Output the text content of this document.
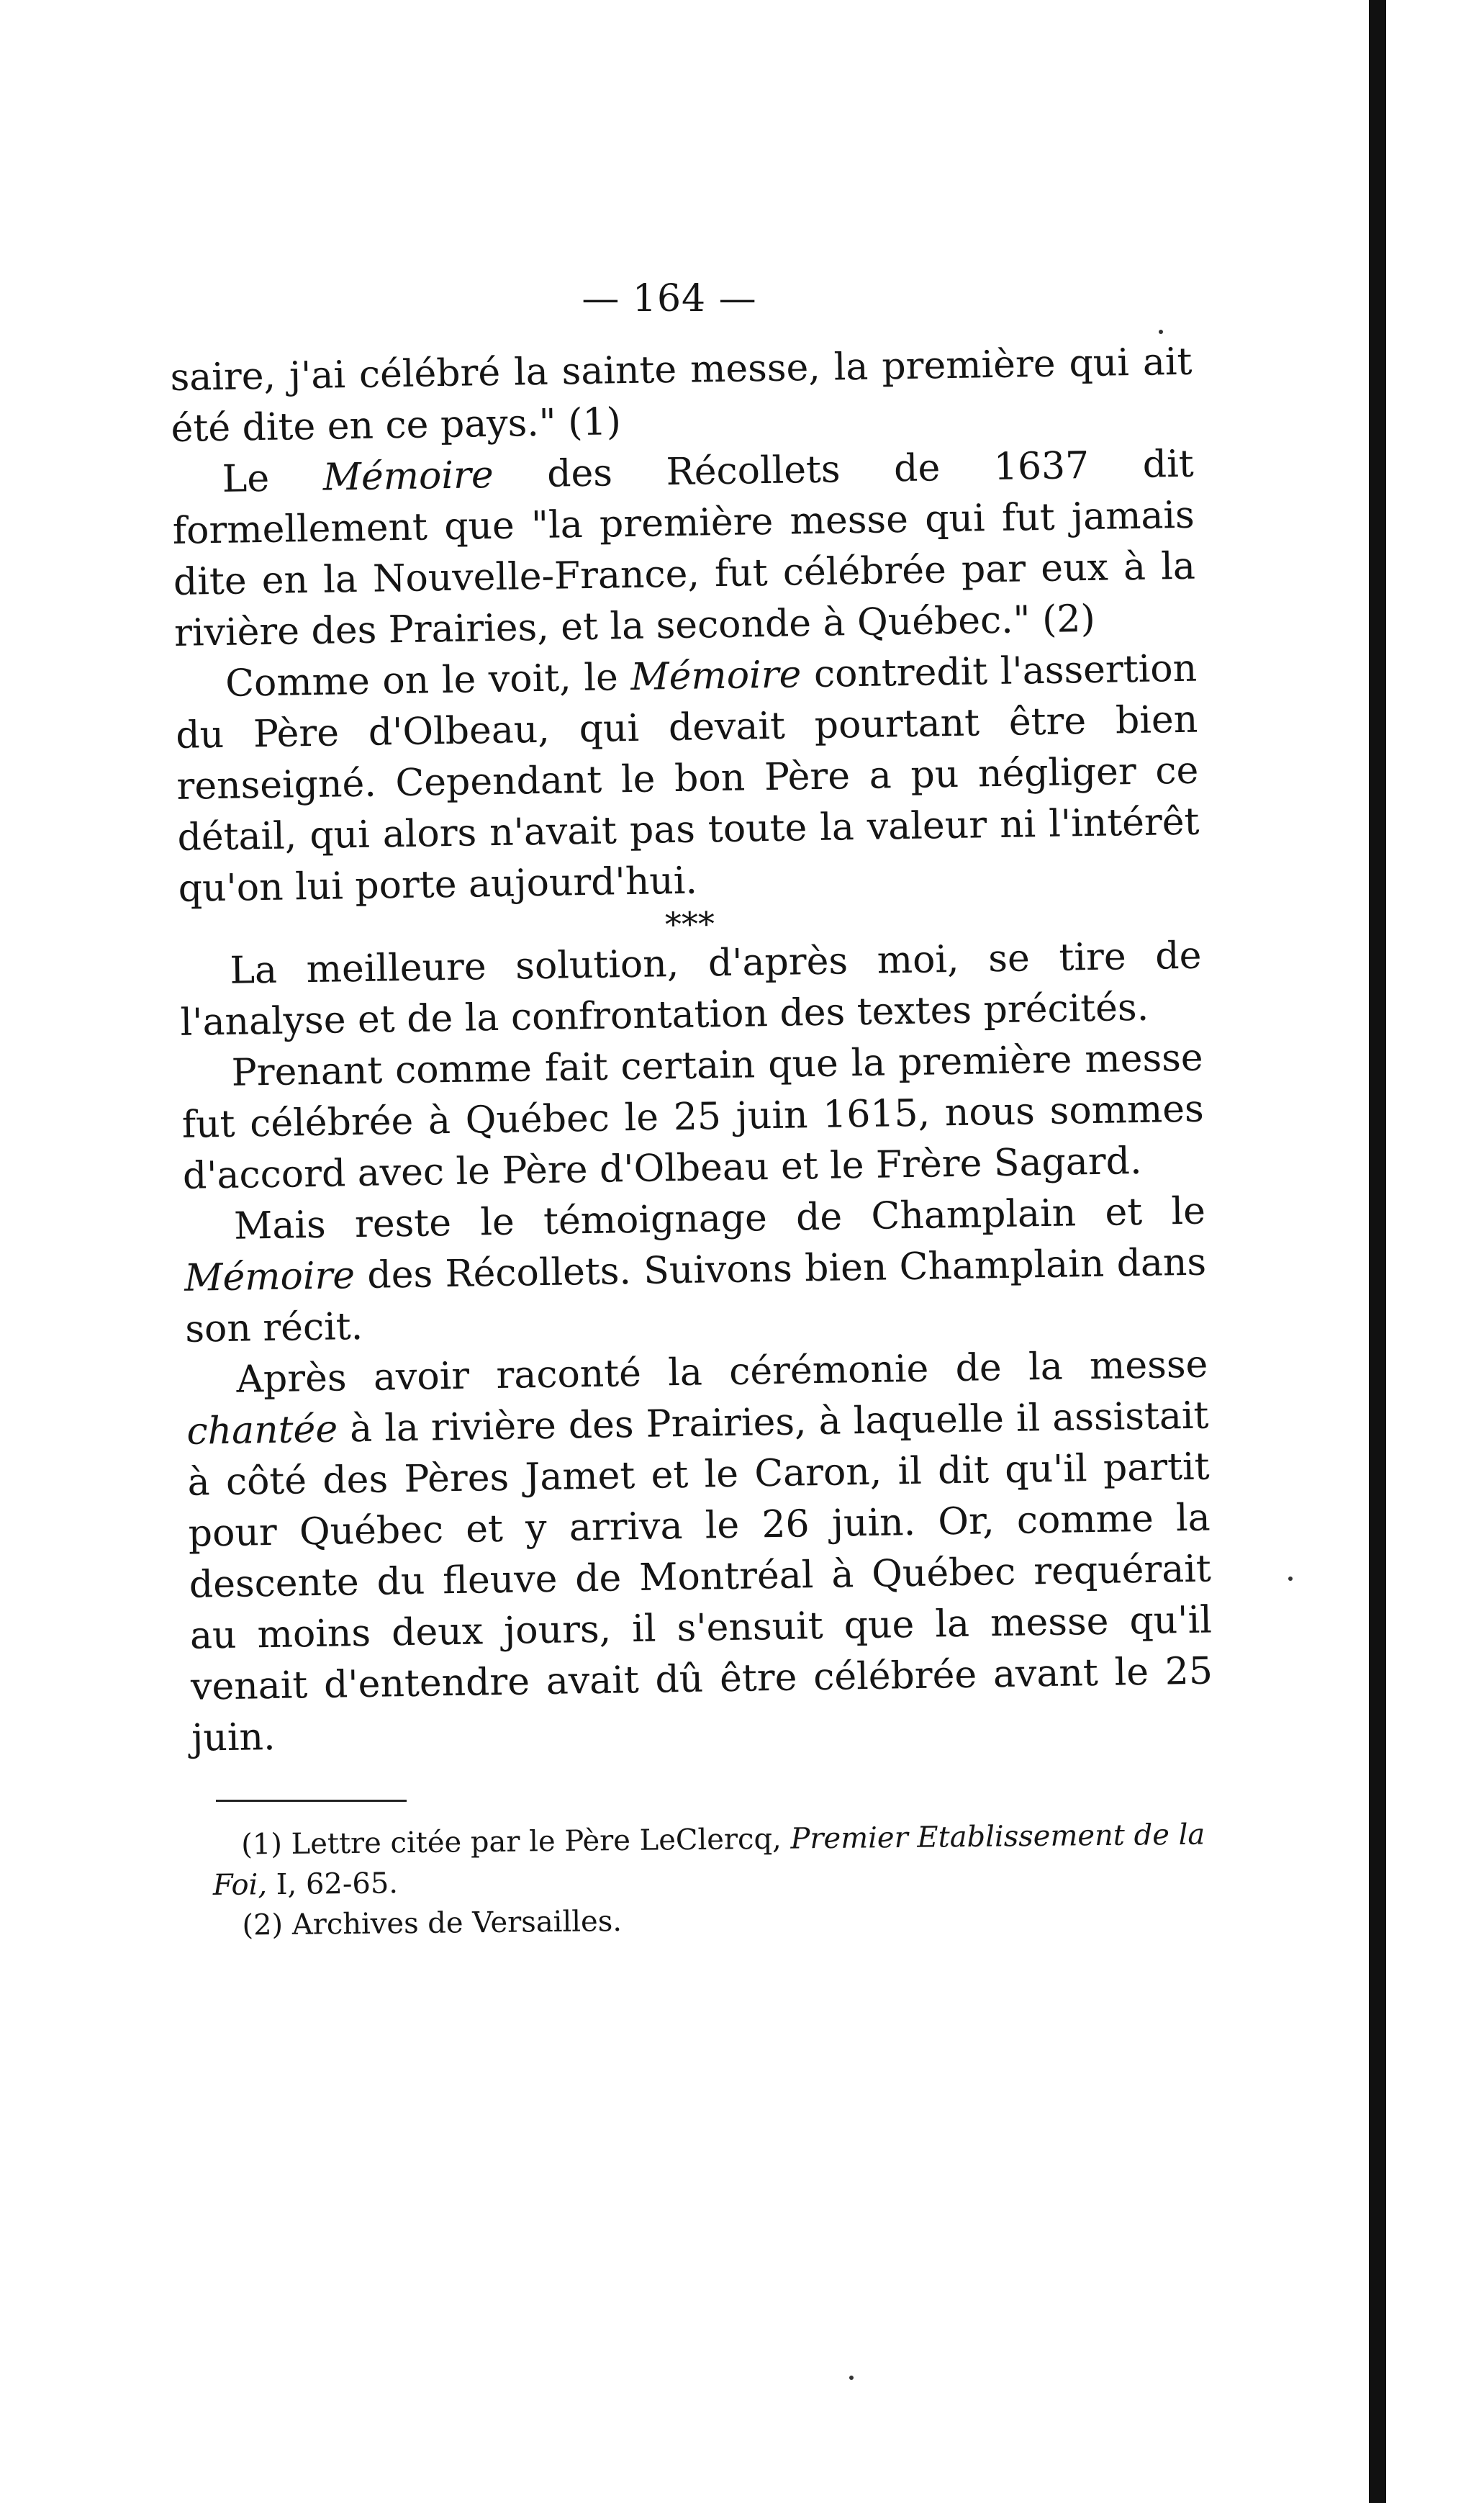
— 164 —

saire, j'ai célébré la sainte messe, la première qui ait été dite en ce pays." (1)

Le Mémoire des Récollets de 1637 dit formellement que "la première messe qui fut jamais dite en la Nouvelle-France, fut célébrée par eux à la rivière des Prairies, et la seconde à Québec." (2)

Comme on le voit, le Mémoire contredit l'assertion du Père d'Olbeau, qui devait pourtant être bien renseigné. Cependant le bon Père a pu négliger ce détail, qui alors n'avait pas toute la valeur ni l'intérêt qu'on lui porte aujourd'hui.

***

La meilleure solution, d'après moi, se tire de l'analyse et de la confrontation des textes précités.

Prenant comme fait certain que la première messe fut célébrée à Québec le 25 juin 1615, nous sommes d'accord avec le Père d'Olbeau et le Frère Sagard.

Mais reste le témoignage de Champlain et le Mémoire des Récollets. Suivons bien Champlain dans son récit.

Après avoir raconté la cérémonie de la messe chantée à la rivière des Prairies, à laquelle il assistait à côté des Pères Jamet et le Caron, il dit qu'il partit pour Québec et y arriva le 26 juin. Or, comme la descente du fleuve de Montréal à Québec requérait au moins deux jours, il s'ensuit que la messe qu'il venait d'entendre avait dû être célébrée avant le 25 juin.

(1) Lettre citée par le Père LeClercq, Premier Etablissement de la Foi, I, 62-65.

(2) Archives de Versailles.
